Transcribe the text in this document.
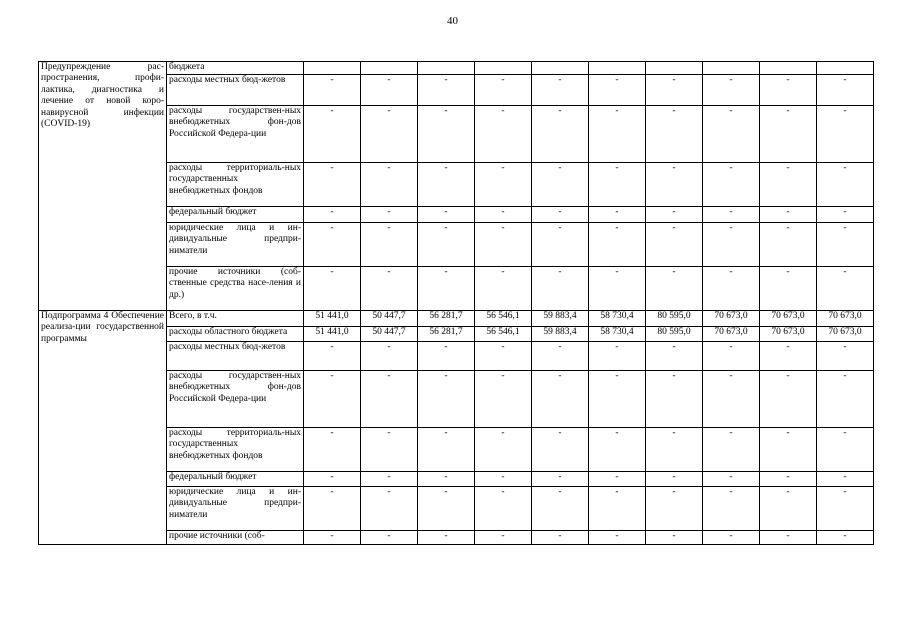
40
Предупреждение рас-пространения, профи-лактика, диагностика и лечение от новой коро-навирусной инфекции (COVID-19)	бюджета										
	расходы местных бюд-жетов	-	-	-	-	-	-	-	-	-	-
	расходы государствен-ных внебюджетных фон-дов Российской Федера-ции	-	-	-	-	-	-	-	-	-	-
	расходы территориаль-ных государственных внебюджетных фондов	-	-	-	-	-	-	-	-	-	-
	федеральный бюджет	-	-	-	-	-	-	-	-	-	-
	юридические лица и ин-дивидуальные предпри-ниматели	-	-	-	-	-	-	-	-	-	-
	прочие источники (соб-ственные средства насе-ления и др.)	-	-	-	-	-	-	-	-	-	-
Подпрограмма 4 Обеспечение реализа-ции государственной программы	Всего, в т.ч.	51 441,0	50 447,7	56 281,7	56 546,1	59 883,4	58 730,4	80 595,0	70 673,0	70 673,0	70 673,0
	расходы областного бюджета	51 441,0	50 447,7	56 281,7	56 546,1	59 883,4	58 730,4	80 595,0	70 673,0	70 673,0	70 673,0
	расходы местных бюд-жетов	-	-	-	-	-	-	-	-	-	-
	расходы государствен-ных внебюджетных фон-дов Российской Федера-ции	-	-	-	-	-	-	-	-	-	-
	расходы территориаль-ных государственных внебюджетных фондов	-	-	-	-	-	-	-	-	-	-
	федеральный бюджет	-	-	-	-	-	-	-	-	-	-
	юридические лица и ин-дивидуальные предпри-ниматели	-	-	-	-	-	-	-	-	-	-
	прочие источники (соб-	-	-	-	-	-	-	-	-	-	-
